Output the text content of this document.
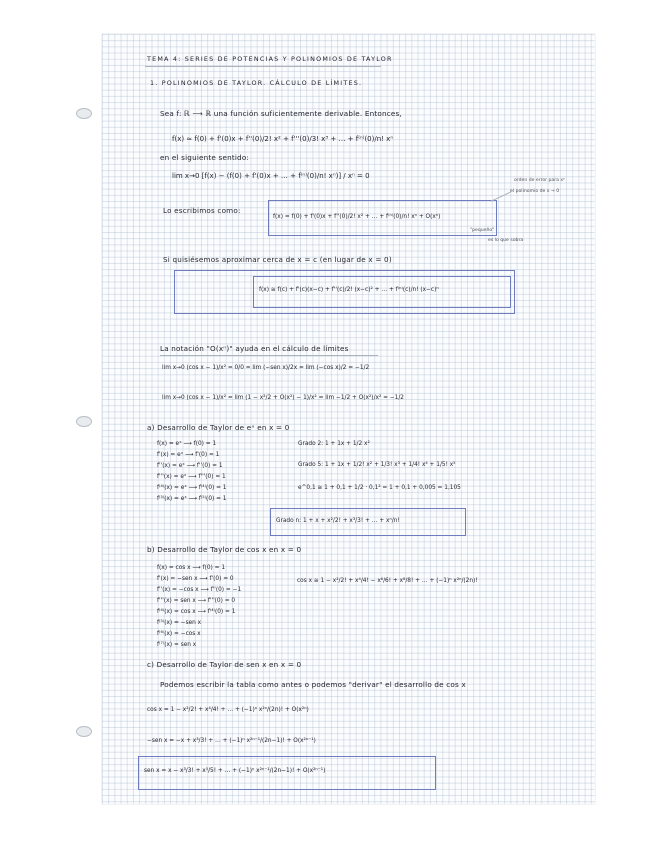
TEMA 4: SERIES DE POTENCIAS Y POLINOMIOS DE TAYLOR
1. POLINOMIOS DE TAYLOR. CÁLCULO DE LÍMITES.
Sea f: ℝ ⟶ ℝ una función suficientemente derivable. Entonces,
f(x) ≈ f(0) + f'(0)x + f''(0)/2! x² + f'''(0)/3! x³ + … + f⁽ⁿ⁾(0)/n! xⁿ
en el siguiente sentido:
lim x→0 [f(x) − (f(0) + f'(0)x + … + f⁽ⁿ⁾(0)/n! xⁿ)] / xⁿ = 0
Lo escribimos como:
f(x) = f(0) + f'(0)x + f''(0)/2! x² + … + f⁽ⁿ⁾(0)/n! xⁿ + O(xⁿ)
orden de error para xⁿ
el polinomio de x → 0
"pequeño"
es lo que sobra
Si quisiésemos aproximar cerca de x = c (en lugar de x = 0)
f(x) ≅ f(c) + f'(c)(x−c) + f''(c)/2! (x−c)² + … + f⁽ⁿ⁾(c)/n! (x−c)ⁿ
La notación "O(xⁿ)" ayuda en el cálculo de límites
lim x→0 (cos x − 1)/x² = 0/0 = lim (−sen x)/2x = lim (−cos x)/2 = −1/2
lim x→0 (cos x − 1)/x² = lim (1 − x²/2 + O(x²) − 1)/x² = lim −1/2 + O(x²)/x² = −1/2
a) Desarrollo de Taylor de eˣ en x = 0
f(x) = eˣ ⟶ f(0) = 1
f'(x) = eˣ ⟶ f'(0) = 1
f''(x) = eˣ ⟶ f''(0) = 1
f'''(x) = eˣ ⟶ f'''(0) = 1
f⁽⁴⁾(x) = eˣ ⟶ f⁽⁴⁾(0) = 1
f⁽⁵⁾(x) = eˣ ⟶ f⁽⁵⁾(0) = 1
Grado 2: 1 + 1x + 1/2 x²
Grado 5: 1 + 1x + 1/2! x² + 1/3! x³ + 1/4! x⁴ + 1/5! x⁵
e^0,1 ≅ 1 + 0,1 + 1/2 · 0,1² = 1 + 0,1 + 0,005 = 1,105
Grado n: 1 + x + x²/2! + x³/3! + … + xⁿ/n!
b) Desarrollo de Taylor de cos x en x = 0
f(x) = cos x ⟶ f(0) = 1
f'(x) = −sen x ⟶ f'(0) = 0
f''(x) = −cos x ⟶ f''(0) = −1
f'''(x) = sen x ⟶ f'''(0) = 0
f⁽⁴⁾(x) = cos x ⟶ f⁽⁴⁾(0) = 1
f⁽⁵⁾(x) = −sen x
f⁽⁶⁾(x) = −cos x
f⁽⁷⁾(x) = sen x
cos x ≅ 1 − x²/2! + x⁴/4! − x⁶/6! + x⁸/8! + … + (−1)ⁿ x²ⁿ/(2n)!
c) Desarrollo de Taylor de sen x en x = 0
Podemos escribir la tabla como antes o podemos "derivar" el desarrollo de cos x
cos x = 1 − x²/2! + x⁴/4! + … + (−1)ⁿ x²ⁿ/(2n)! + O(x²ⁿ)
−sen x = −x + x³/3! + … + (−1)ⁿ x²ⁿ⁻¹/(2n−1)! + O(x²ⁿ⁻¹)
sen x = x − x³/3! + x⁵/5! + … + (−1)ⁿ x²ⁿ⁻¹/(2n−1)! + O(x²ⁿ⁻¹)
